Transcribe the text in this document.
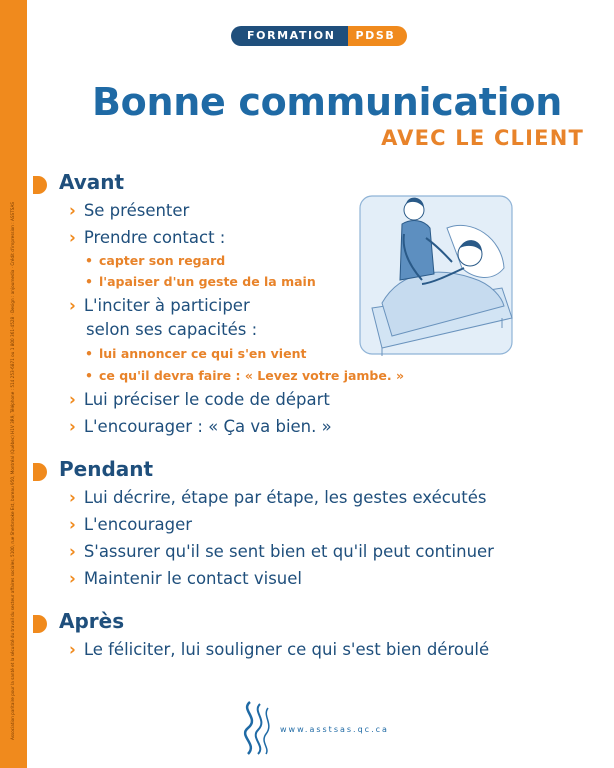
Association paritaire pour la santé et la sécurité du travail du secteur affaires sociales, 5100, rue Sherbrooke Est, bureau 950, Montréal (Québec) H1V 3R9, Téléphone : 514 253-6871 ou 1 800 361-4528 · Design : anjoumedia · Crédit d'impression : ASSTSAS
FORMATION	PDSB
Bonne communication
AVEC LE CLIENT
Avant
› Se présenter
› Prendre contact :
• capter son regard
• l'apaiser d'un geste de la main
› L'inciter à participer
selon ses capacités :
• lui annoncer ce qui s'en vient
• ce qu'il devra faire : « Levez votre jambe. »
› Lui préciser le code de départ
› L'encourager : « Ça va bien. »
Pendant
› Lui décrire, étape par étape, les gestes exécutés
› L'encourager
› S'assurer qu'il se sent bien et qu'il peut continuer
› Maintenir le contact visuel
Après
› Le féliciter, lui souligner ce qui s'est bien déroulé
www.asstsas.qc.ca
